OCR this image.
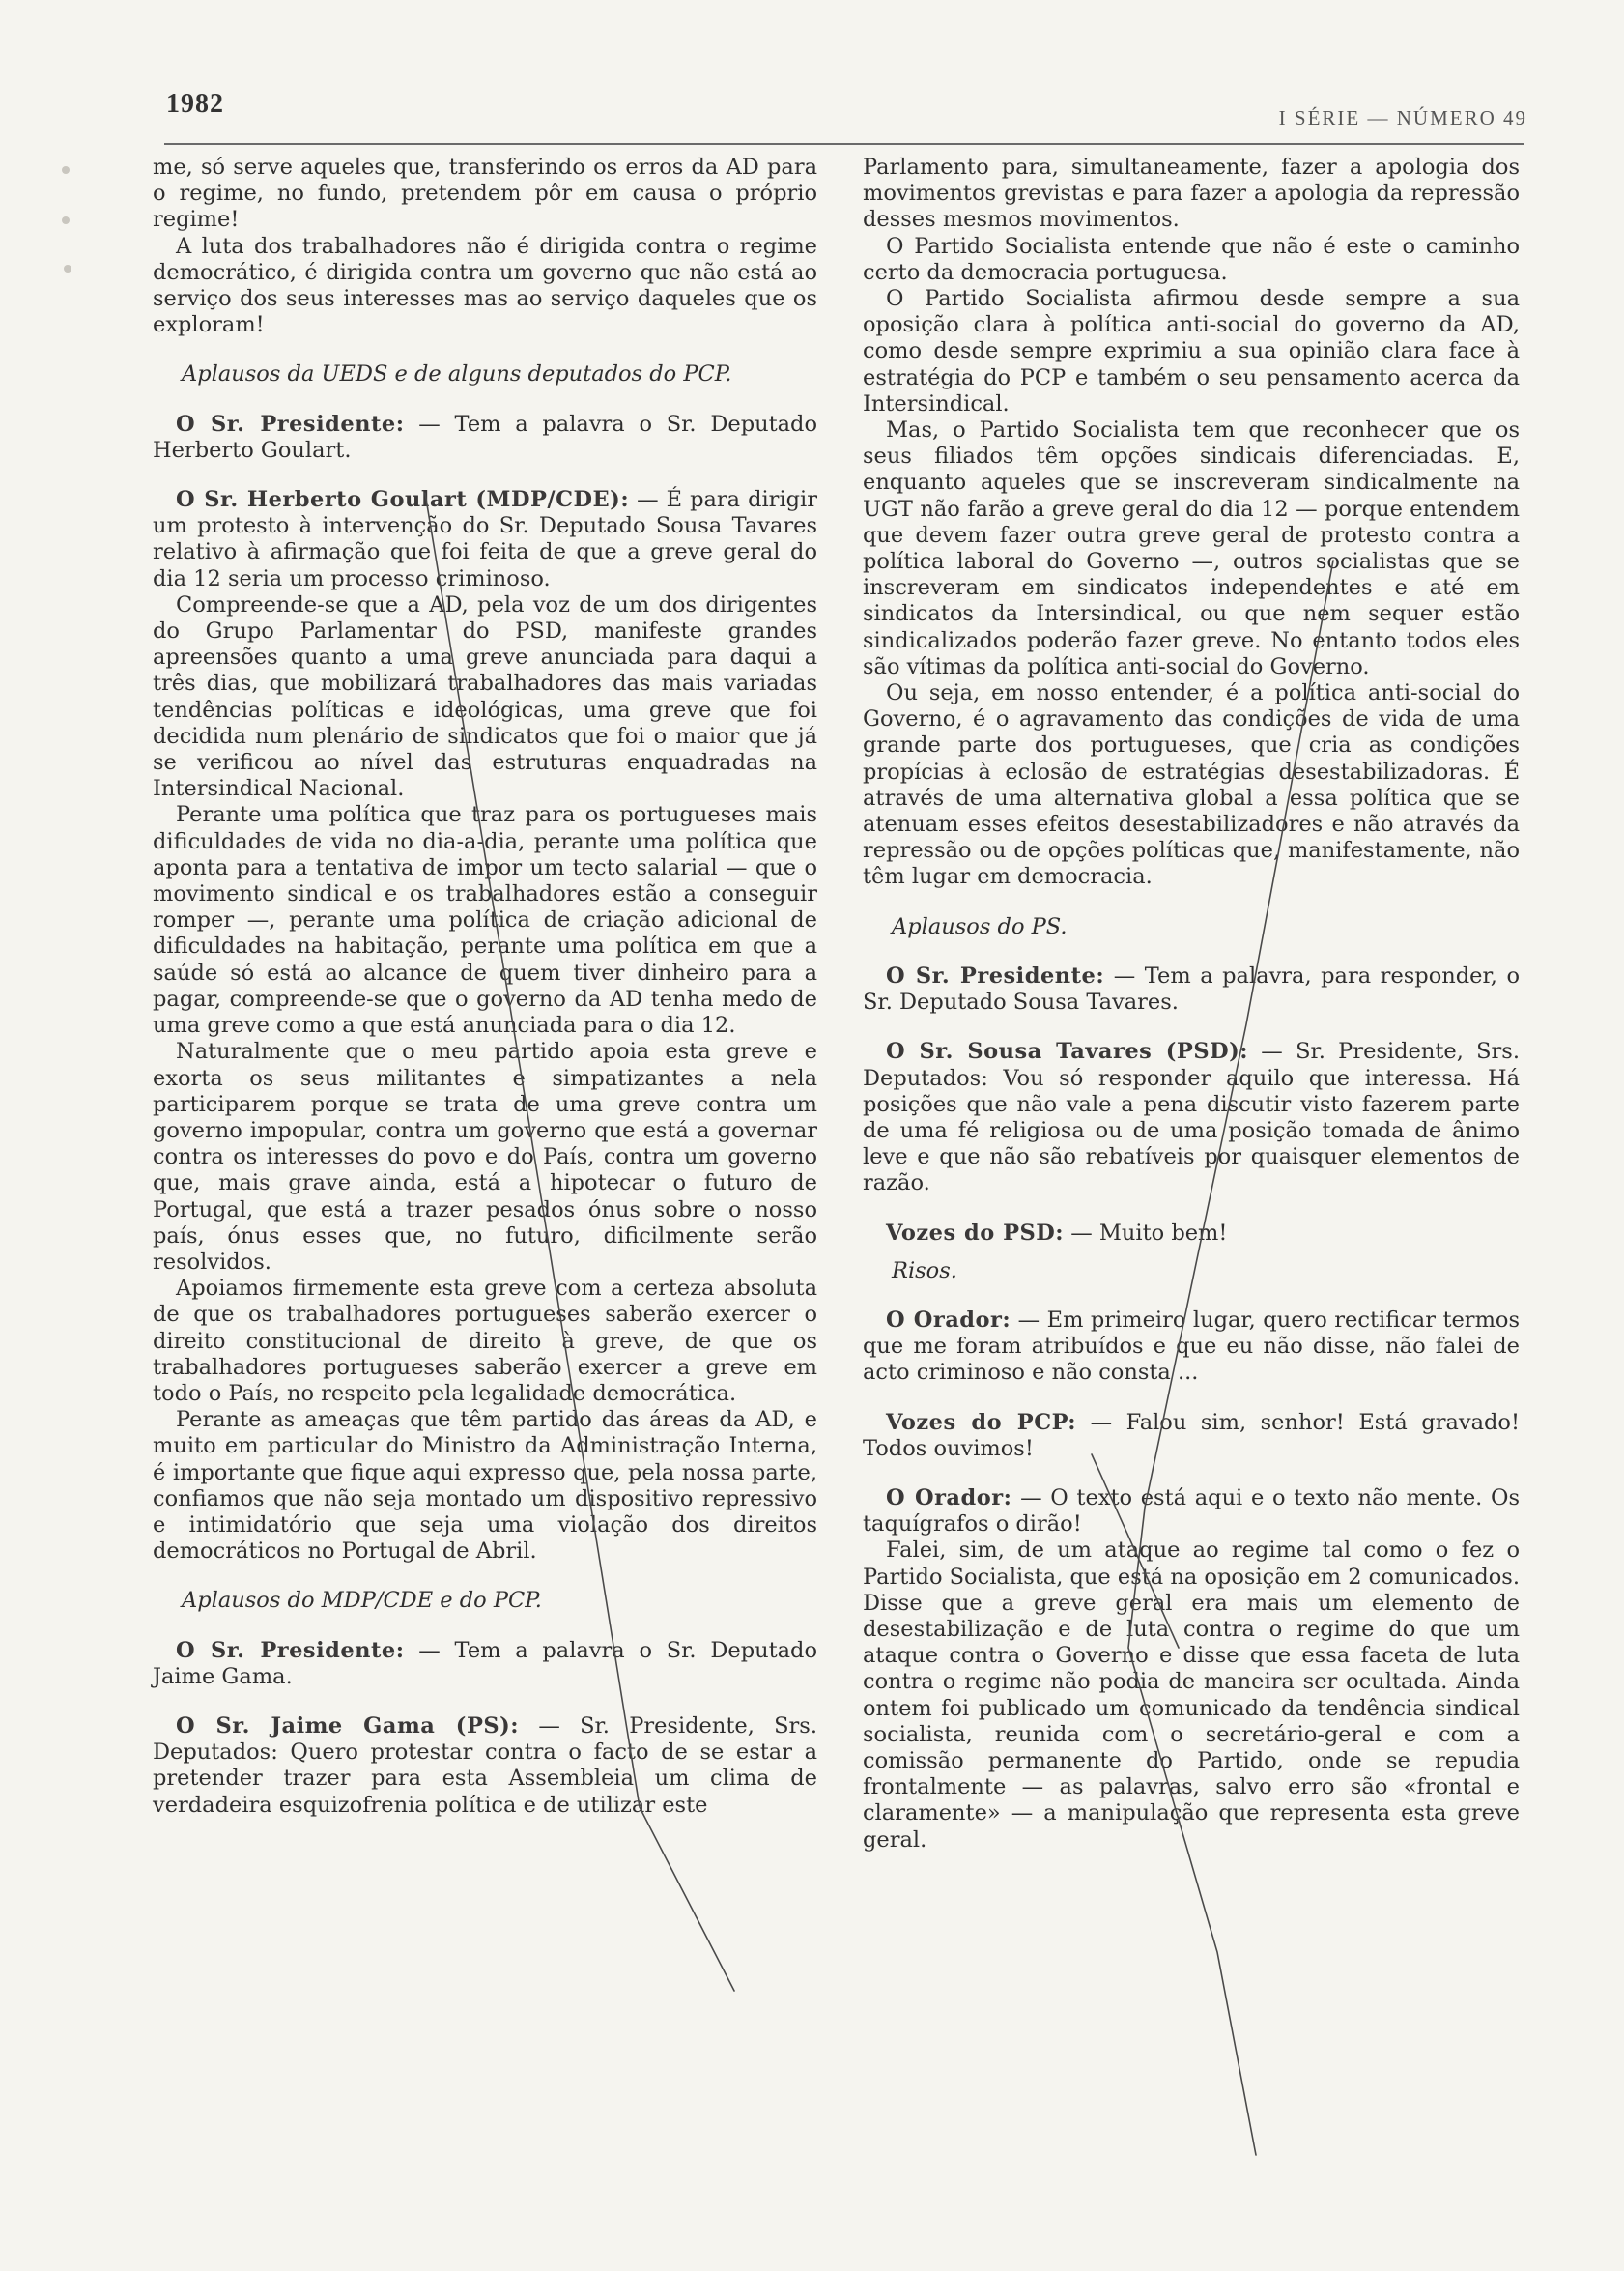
1982	I SÉRIE — NÚMERO 49

me, só serve aqueles que, transferindo os erros da AD para o regime, no fundo, pretendem pôr em causa o próprio regime!

A luta dos trabalhadores não é dirigida contra o regime democrático, é dirigida contra um governo que não está ao serviço dos seus interesses mas ao serviço daqueles que os exploram!

Aplausos da UEDS e de alguns deputados do PCP.

O Sr. Presidente: — Tem a palavra o Sr. Deputado Herberto Goulart.

O Sr. Herberto Goulart (MDP/CDE): — É para dirigir um protesto à intervenção do Sr. Deputado Sousa Tavares relativo à afirmação que foi feita de que a greve geral do dia 12 seria um processo criminoso.

Compreende-se que a AD, pela voz de um dos dirigentes do Grupo Parlamentar do PSD, manifeste grandes apreensões quanto a uma greve anunciada para daqui a três dias, que mobilizará trabalhadores das mais variadas tendências políticas e ideológicas, uma greve que foi decidida num plenário de sindicatos que foi o maior que já se verificou ao nível das estruturas enquadradas na Intersindical Nacional.

Perante uma política que traz para os portugueses mais dificuldades de vida no dia-a-dia, perante uma política que aponta para a tentativa de impor um tecto salarial — que o movimento sindical e os trabalhadores estão a conseguir romper —, perante uma política de criação adicional de dificuldades na habitação, perante uma política em que a saúde só está ao alcance de quem tiver dinheiro para a pagar, compreende-se que o governo da AD tenha medo de uma greve como a que está anunciada para o dia 12.

Naturalmente que o meu partido apoia esta greve e exorta os seus militantes e simpatizantes a nela participarem porque se trata de uma greve contra um governo impopular, contra um governo que está a governar contra os interesses do povo e do País, contra um governo que, mais grave ainda, está a hipotecar o futuro de Portugal, que está a trazer pesados ónus sobre o nosso país, ónus esses que, no futuro, dificilmente serão resolvidos.

Apoiamos firmemente esta greve com a certeza absoluta de que os trabalhadores portugueses saberão exercer o direito constitucional de direito à greve, de que os trabalhadores portugueses saberão exercer a greve em todo o País, no respeito pela legalidade democrática.

Perante as ameaças que têm partido das áreas da AD, e muito em particular do Ministro da Administração Interna, é importante que fique aqui expresso que, pela nossa parte, confiamos que não seja montado um dispositivo repressivo e intimidatório que seja uma violação dos direitos democráticos no Portugal de Abril.

Aplausos do MDP/CDE e do PCP.

O Sr. Presidente: — Tem a palavra o Sr. Deputado Jaime Gama.

O Sr. Jaime Gama (PS): — Sr. Presidente, Srs. Deputados: Quero protestar contra o facto de se estar a pretender trazer para esta Assembleia um clima de verdadeira esquizofrenia política e de utilizar este

Parlamento para, simultaneamente, fazer a apologia dos movimentos grevistas e para fazer a apologia da repressão desses mesmos movimentos.

O Partido Socialista entende que não é este o caminho certo da democracia portuguesa.

O Partido Socialista afirmou desde sempre a sua oposição clara à política anti-social do governo da AD, como desde sempre exprimiu a sua opinião clara face à estratégia do PCP e também o seu pensamento acerca da Intersindical.

Mas, o Partido Socialista tem que reconhecer que os seus filiados têm opções sindicais diferenciadas. E, enquanto aqueles que se inscreveram sindicalmente na UGT não farão a greve geral do dia 12 — porque entendem que devem fazer outra greve geral de protesto contra a política laboral do Governo —, outros socialistas que se inscreveram em sindicatos independentes e até em sindicatos da Intersindical, ou que nem sequer estão sindicalizados poderão fazer greve. No entanto todos eles são vítimas da política anti-social do Governo.

Ou seja, em nosso entender, é a política anti-social do Governo, é o agravamento das condições de vida de uma grande parte dos portugueses, que cria as condições propícias à eclosão de estratégias desestabilizadoras. É através de uma alternativa global a essa política que se atenuam esses efeitos desestabilizadores e não através da repressão ou de opções políticas que, manifestamente, não têm lugar em democracia.

Aplausos do PS.

O Sr. Presidente: — Tem a palavra, para responder, o Sr. Deputado Sousa Tavares.

O Sr. Sousa Tavares (PSD): — Sr. Presidente, Srs. Deputados: Vou só responder aquilo que interessa. Há posições que não vale a pena discutir visto fazerem parte de uma fé religiosa ou de uma posição tomada de ânimo leve e que não são rebatíveis por quaisquer elementos de razão.

Vozes do PSD: — Muito bem!

Risos.

O Orador: — Em primeiro lugar, quero rectificar termos que me foram atribuídos e que eu não disse, não falei de acto criminoso e não consta ...

Vozes do PCP: — Falou sim, senhor! Está gravado! Todos ouvimos!

O Orador: — O texto está aqui e o texto não mente. Os taquígrafos o dirão!

Falei, sim, de um ataque ao regime tal como o fez o Partido Socialista, que está na oposição em 2 comunicados. Disse que a greve geral era mais um elemento de desestabilização e de luta contra o regime do que um ataque contra o Governo e disse que essa faceta de luta contra o regime não podia de maneira ser ocultada. Ainda ontem foi publicado um comunicado da tendência sindical socialista, reunida com o secretário-geral e com a comissão permanente do Partido, onde se repudia frontalmente — as palavras, salvo erro são «frontal e claramente» — a manipulação que representa esta greve geral.
